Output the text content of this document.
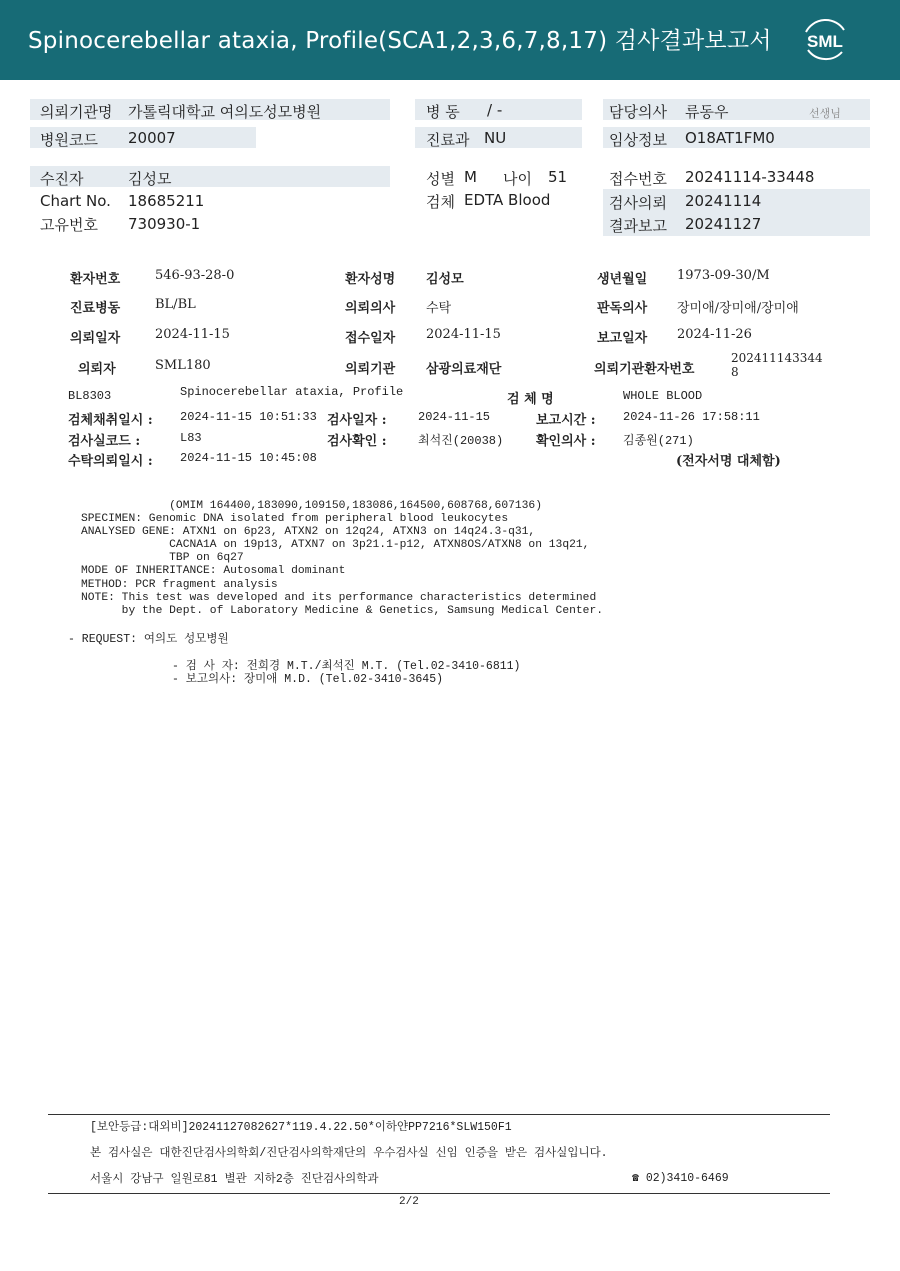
Spinocerebellar ataxia, Profile(SCA1,2,3,6,7,8,17) 검사결과보고서 SML
의뢰기관명 가톨릭대학교 여의도성모병원
병원코드 20007
병 동 / -
진료과 NU
담당의사 류동우	선생님
임상정보 O18AT1FM0
수진자	김성모
Chart No. 18685211
고유번호 730930-1
성별 M 나이 51
검체 EDTA Blood
접수번호 20241114-33448
검사의뢰 20241114
결과보고 20241127
환자번호	546-93-28-0	환자성명 김성모	생년월일 1973-09-30/M
진료병동	BL/BL	의뢰의사 수탁	판독의사 장미애/장미애/장미애
의뢰일자	2024-11-15	접수일자 2024-11-15	보고일자 2024-11-26
의뢰자	SML180	의뢰기관 삼광의료재단	의뢰기관환자번호
202411143344
8
BL8303	Spinocerebellar ataxia, Profile	검 체 명	WHOLE BLOOD
검체채취일시 : 2024-11-15 10:51:33 검사일자 :	2024-11-15	보고시간 : 2024-11-26 17:58:11
검사실코드 :	L83	검사확인 :	최석진(20038)	확인의사 : 김종원(271)
수탁의뢰일시 : 2024-11-15 10:45:08	(전자서명 대체함)
(OMIM 164400,183090,109150,183086,164500,608768,607136)
SPECIMEN: Genomic DNA isolated from peripheral blood leukocytes
ANALYSED GENE: ATXN1 on 6p23, ATXN2 on 12q24, ATXN3 on 14q24.3-q31,
CACNA1A on 19p13, ATXN7 on 3p21.1-p12, ATXN8OS/ATXN8 on 13q21,
TBP on 6q27
MODE OF INHERITANCE: Autosomal dominant
METHOD: PCR fragment analysis
NOTE: This test was developed and its performance characteristics determined
by the Dept. of Laboratory Medicine & Genetics, Samsung Medical Center.
- REQUEST: 여의도 성모병원
- 검 사 자: 전희경 M.T./최석진 M.T. (Tel.02-3410-6811)
- 보고의사: 장미애 M.D. (Tel.02-3410-3645)
[보안등급:대외비]20241127082627*119.4.22.50*이하얀PP7216*SLW150F1
본 검사실은 대한진단검사의학회/진단검사의학재단의 우수검사실 신임 인증을 받은 검사실입니다.
서울시 강남구 일원로81 별관 지하2층 진단검사의학과	☎ 02)3410-6469
2/2
